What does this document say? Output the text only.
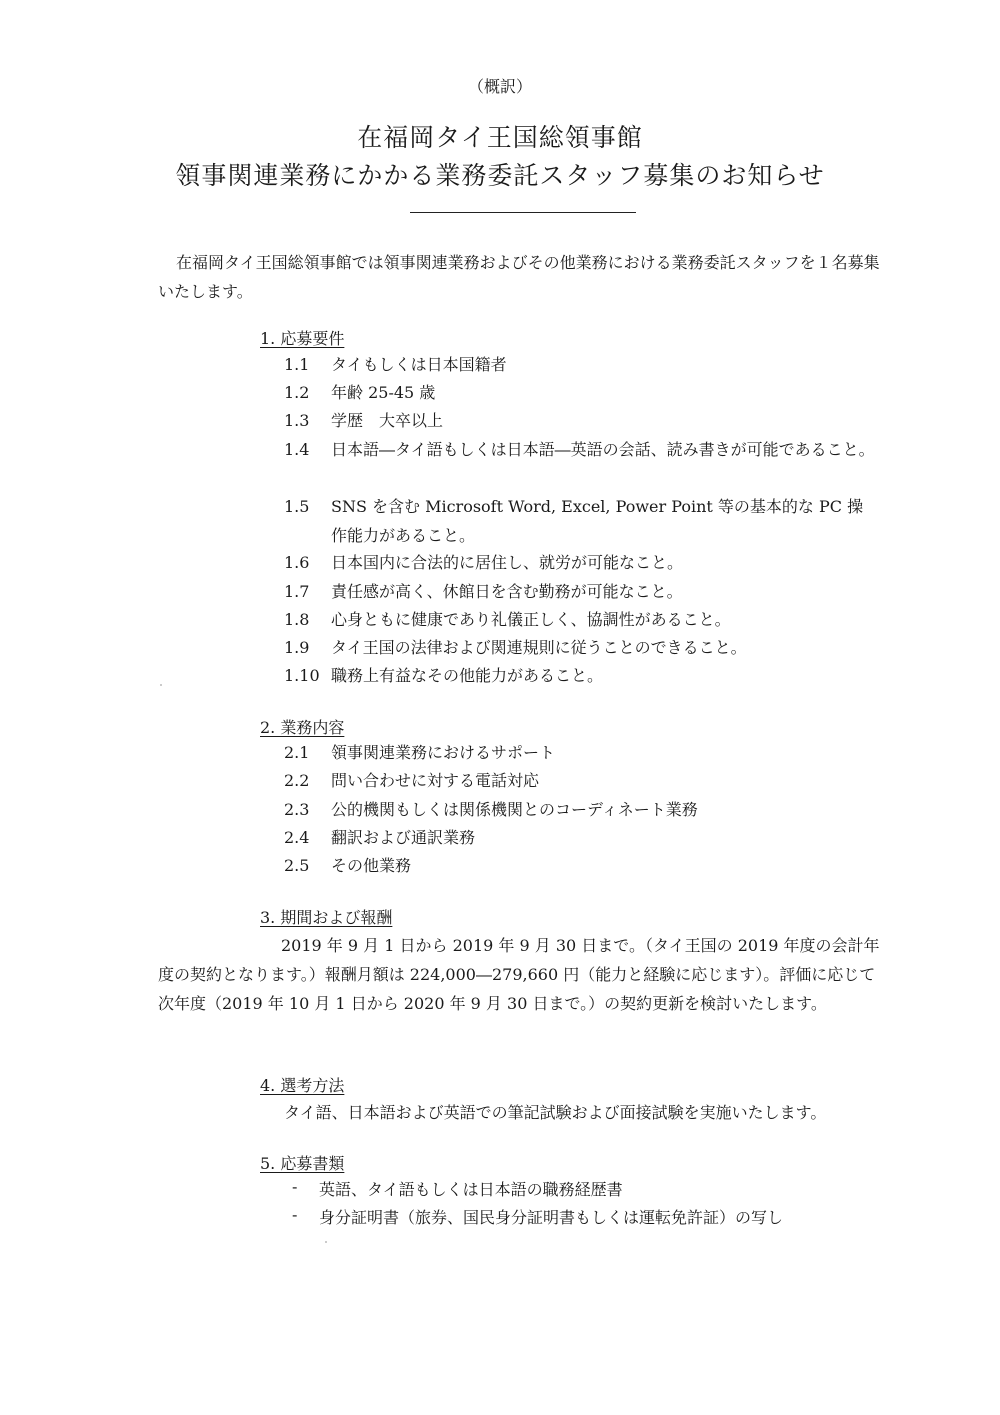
（概訳）
在福岡タイ王国総領事館
領事関連業務にかかる業務委託スタッフ募集のお知らせ
在福岡タイ王国総領事館では領事関連業務およびその他業務における業務委託スタッフを１名募集いたします。
1. 応募要件
1.1	タイもしくは日本国籍者
1.2	年齢 25-45 歳
1.3	学歴　大卒以上
1.4	日本語―タイ語もしくは日本語―英語の会話、読み書きが可能であること。
1.5	SNS を含む Microsoft Word, Excel, Power Point 等の基本的な PC 操作能力があること。
1.6	日本国内に合法的に居住し、就労が可能なこと。
1.7	責任感が高く、休館日を含む勤務が可能なこと。
1.8	心身ともに健康であり礼儀正しく、協調性があること。
1.9	タイ王国の法律および関連規則に従うことのできること。
1.10 職務上有益なその他能力があること。
2. 業務内容
2.1	領事関連業務におけるサポート
2.2	問い合わせに対する電話対応
2.3	公的機関もしくは関係機関とのコーディネート業務
2.4	翻訳および通訳業務
2.5	その他業務
3. 期間および報酬
2019 年 9 月 1 日から 2019 年 9 月 30 日まで。（タイ王国の 2019 年度の会計年度の契約となります。）報酬月額は 224,000―279,660 円（能力と経験に応じます）。評価に応じて次年度（2019 年 10 月 1 日から 2020 年 9 月 30 日まで。）の契約更新を検討いたします。
4. 選考方法
タイ語、日本語および英語での筆記試験および面接試験を実施いたします。
5. 応募書類
- 英語、タイ語もしくは日本語の職務経歴書
- 身分証明書（旅券、国民身分証明書もしくは運転免許証）の写し
